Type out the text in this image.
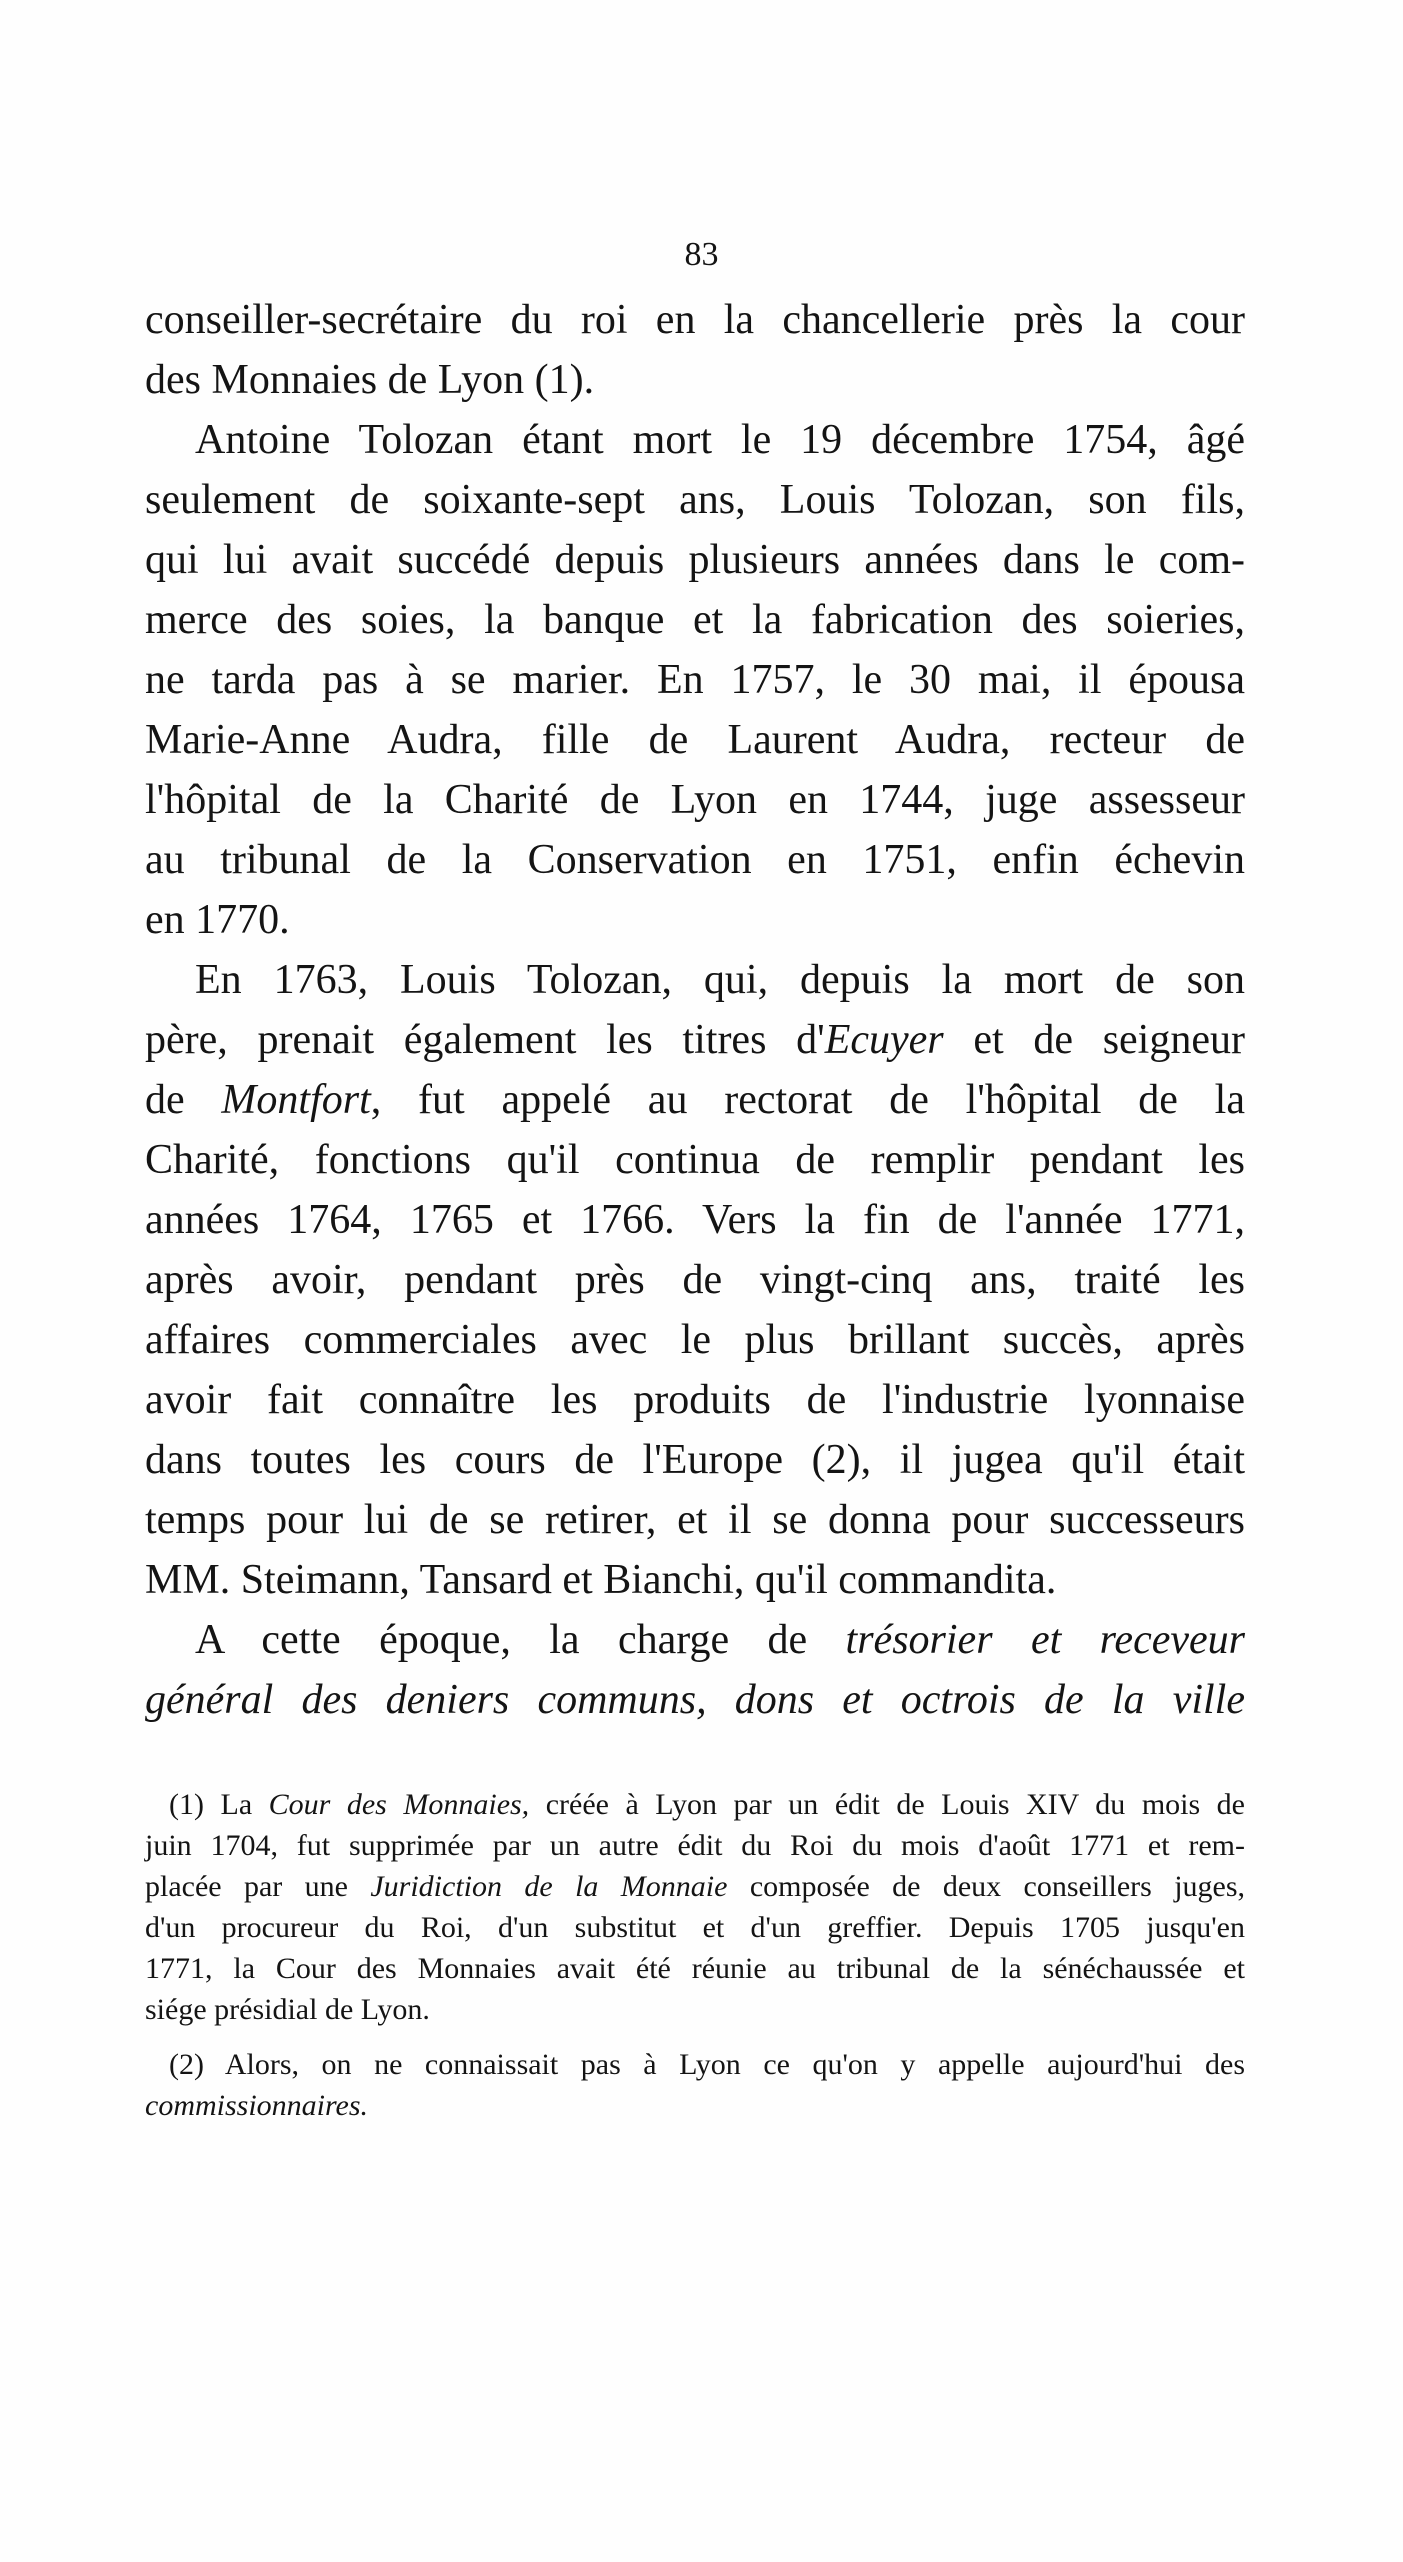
83
conseiller-secrétaire du roi en la chancellerie près la cour
des Monnaies de Lyon (1).
Antoine Tolozan étant mort le 19 décembre 1754, âgé
seulement de soixante-sept ans, Louis Tolozan, son fils,
qui lui avait succédé depuis plusieurs années dans le com-
merce des soies, la banque et la fabrication des soieries,
ne tarda pas à se marier. En 1757, le 30 mai, il épousa
Marie-Anne Audra, fille de Laurent Audra, recteur de
l'hôpital de la Charité de Lyon en 1744, juge assesseur
au tribunal de la Conservation en 1751, enfin échevin
en 1770.
En 1763, Louis Tolozan, qui, depuis la mort de son
père, prenait également les titres d'Ecuyer et de seigneur
de Montfort, fut appelé au rectorat de l'hôpital de la
Charité, fonctions qu'il continua de remplir pendant les
années 1764, 1765 et 1766. Vers la fin de l'année 1771,
après avoir, pendant près de vingt-cinq ans, traité les
affaires commerciales avec le plus brillant succès, après
avoir fait connaître les produits de l'industrie lyonnaise
dans toutes les cours de l'Europe (2), il jugea qu'il était
temps pour lui de se retirer, et il se donna pour successeurs
MM. Steimann, Tansard et Bianchi, qu'il commandita.
A cette époque, la charge de trésorier et receveur
général des deniers communs, dons et octrois de la ville
(1) La Cour des Monnaies, créée à Lyon par un édit de Louis XIV du mois de
juin 1704, fut supprimée par un autre édit du Roi du mois d'août 1771 et rem-
placée par une Juridiction de la Monnaie composée de deux conseillers juges,
d'un procureur du Roi, d'un substitut et d'un greffier. Depuis 1705 jusqu'en
1771, la Cour des Monnaies avait été réunie au tribunal de la sénéchaussée et
siége présidial de Lyon.
(2) Alors, on ne connaissait pas à Lyon ce qu'on y appelle aujourd'hui des
commissionnaires.
